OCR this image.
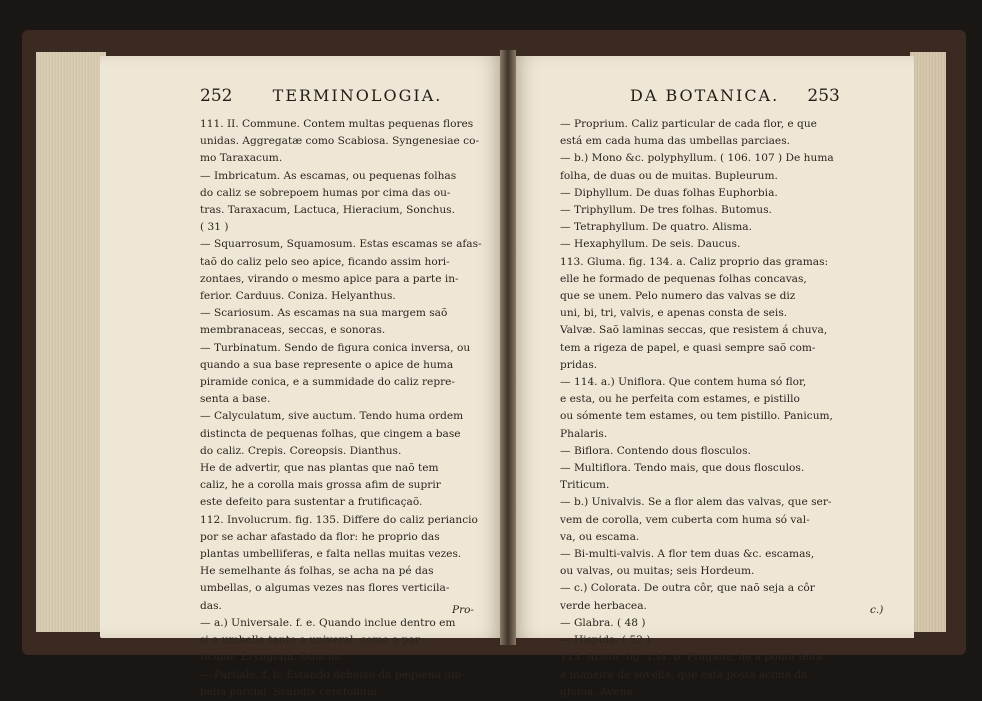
252	TERMINOLOGIA.
111. II. Commune. Contem multas pequenas flores
unidas. Aggregatæ como Scabiosa. Syngenesiae co-
mo Taraxacum.
— Imbricatum. As escamas, ou pequenas folhas
do caliz se sobrepoem humas por cima das ou-
tras. Taraxacum, Lactuca, Hieracium, Sonchus.
( 31 )
— Squarrosum, Squamosum. Estas escamas se afas-
taõ do caliz pelo seo apice, ficando assim hori-
zontaes, virando o mesmo apice para a parte in-
ferior. Carduus. Coniza. Helyanthus.
— Scariosum. As escamas na sua margem saõ
membranaceas, seccas, e sonoras.
— Turbinatum. Sendo de figura conica inversa, ou
quando a sua base represente o apice de huma
piramide conica, e a summidade do caliz repre-
senta a base.
— Calyculatum, sive auctum. Tendo huma ordem
distincta de pequenas folhas, que cingem a base
do caliz. Crepis. Coreopsis. Dianthus.
He de advertir, que nas plantas que naõ tem
caliz, he a corolla mais grossa afim de suprir
este defeito para sustentar a frutificaçaõ.
112. Involucrum. fig. 135. Differe do caliz periancio
por se achar afastado da flor: he proprio das
plantas umbelliferas, e falta nellas muitas vezes.
He semelhante ás folhas, se acha na pé das
umbellas, o algumas vezes nas flores verticila-
das.
— a.) Universale. f. e. Quando inclue dentro em
si a umbella tanto a univeral, como a par-
ticular. Eryngium. Daucus.
— Partiale. f. b. Estando debaixo da pequena um-
bella parcial. Scandix cerefolium.
Pro-
DA BOTANICA. 253
— Proprium. Caliz particular de cada flor, e que
está em cada huma das umbellas parciaes.
— b.) Mono &c. polyphyllum. ( 106. 107 ) De huma
folha, de duas ou de muitas. Bupleurum.
— Diphyllum. De duas folhas Euphorbia.
— Triphyllum. De tres folhas. Butomus.
— Tetraphyllum. De quatro. Alisma.
— Hexaphyllum. De seis. Daucus.
113. Gluma. fig. 134. a. Caliz proprio das gramas:
elle he formado de pequenas folhas concavas,
que se unem. Pelo numero das valvas se diz
uni, bi, tri, valvis, e apenas consta de seis.
Valvæ. Saõ laminas seccas, que resistem á chuva,
tem a rigeza de papel, e quasi sempre saõ com-
pridas.
— 114. a.) Uniflora. Que contem huma só flor,
e esta, ou he perfeita com estames, e pistillo
ou sómente tem estames, ou tem pistillo. Panicum,
Phalaris.
— Biflora. Contendo dous flosculos.
— Multiflora. Tendo mais, que dous flosculos.
Triticum.
— b.) Univalvis. Se a flor alem das valvas, que ser-
vem de corolla, vem cuberta com huma só val-
va, ou escama.
— Bi-multi-valvis. A flor tem duas &c. escamas,
ou valvas, ou muitas; seis Hordeum.
— c.) Colorata. De outra côr, que naõ seja a côr
verde herbacea.
— Glabra. ( 48 )
— Hispida. ( 52 )
115. Arista. fig. 134. b. Pragana, he a ponta feita
á maneira de sovella, que está posta acima da
gluma. Avena.
c.)
